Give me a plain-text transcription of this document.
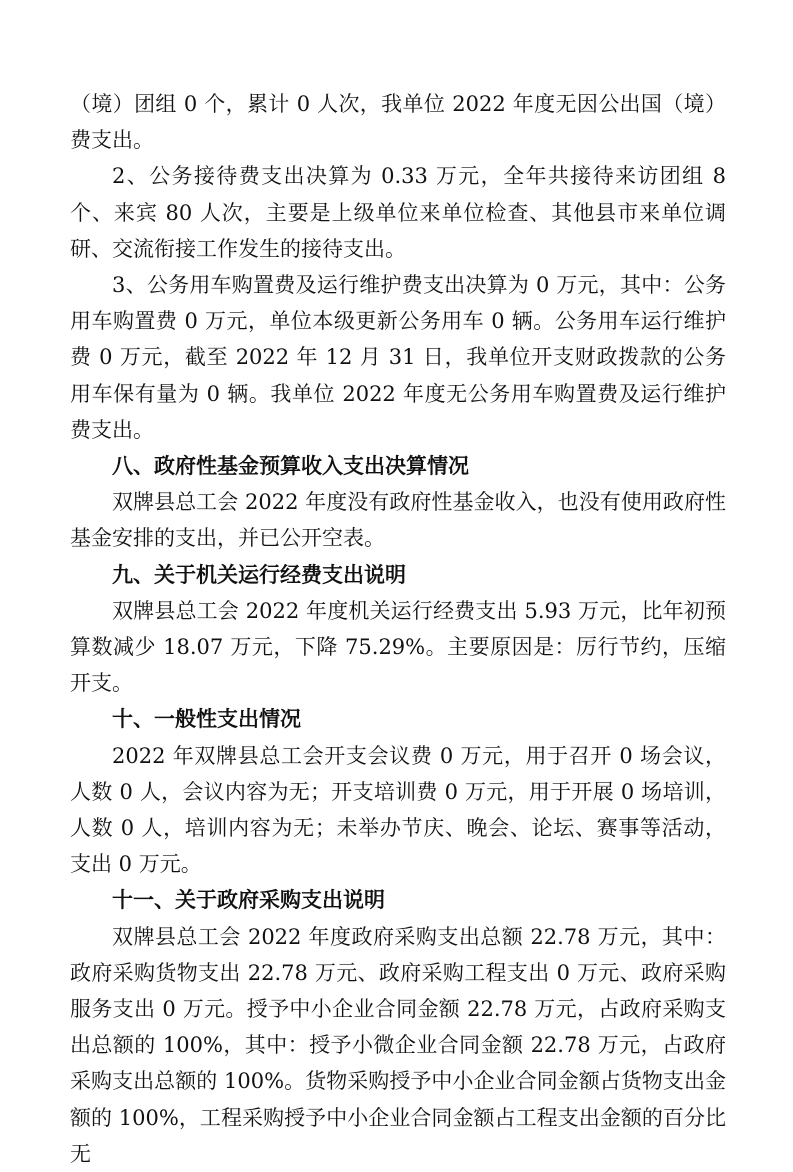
（境）团组 0 个，累计 0 人次，我单位 2022 年度无因公出国（境）费支出。

2、公务接待费支出决算为 0.33 万元，全年共接待来访团组 8 个、来宾 80 人次，主要是上级单位来单位检查、其他县市来单位调研、交流衔接工作发生的接待支出。

3、公务用车购置费及运行维护费支出决算为 0 万元，其中：公务用车购置费 0 万元，单位本级更新公务用车 0 辆。公务用车运行维护费 0 万元，截至 2022 年 12 月 31 日，我单位开支财政拨款的公务用车保有量为 0 辆。我单位 2022 年度无公务用车购置费及运行维护费支出。

八、政府性基金预算收入支出决算情况

双牌县总工会 2022 年度没有政府性基金收入，也没有使用政府性基金安排的支出，并已公开空表。

九、关于机关运行经费支出说明

双牌县总工会 2022 年度机关运行经费支出 5.93 万元，比年初预算数减少 18.07 万元，下降 75.29%。主要原因是：厉行节约，压缩开支。

十、一般性支出情况

2022 年双牌县总工会开支会议费 0 万元，用于召开 0 场会议，人数 0 人，会议内容为无；开支培训费 0 万元，用于开展 0 场培训，人数 0 人，培训内容为无；未举办节庆、晚会、论坛、赛事等活动，支出 0 万元。

十一、关于政府采购支出说明

双牌县总工会 2022 年度政府采购支出总额 22.78 万元，其中：政府采购货物支出 22.78 万元、政府采购工程支出 0 万元、政府采购服务支出 0 万元。授予中小企业合同金额 22.78 万元，占政府采购支出总额的 100%，其中：授予小微企业合同金额 22.78 万元，占政府采购支出总额的 100%。货物采购授予中小企业合同金额占货物支出金额的 100%，工程采购授予中小企业合同金额占工程支出金额的百分比无
